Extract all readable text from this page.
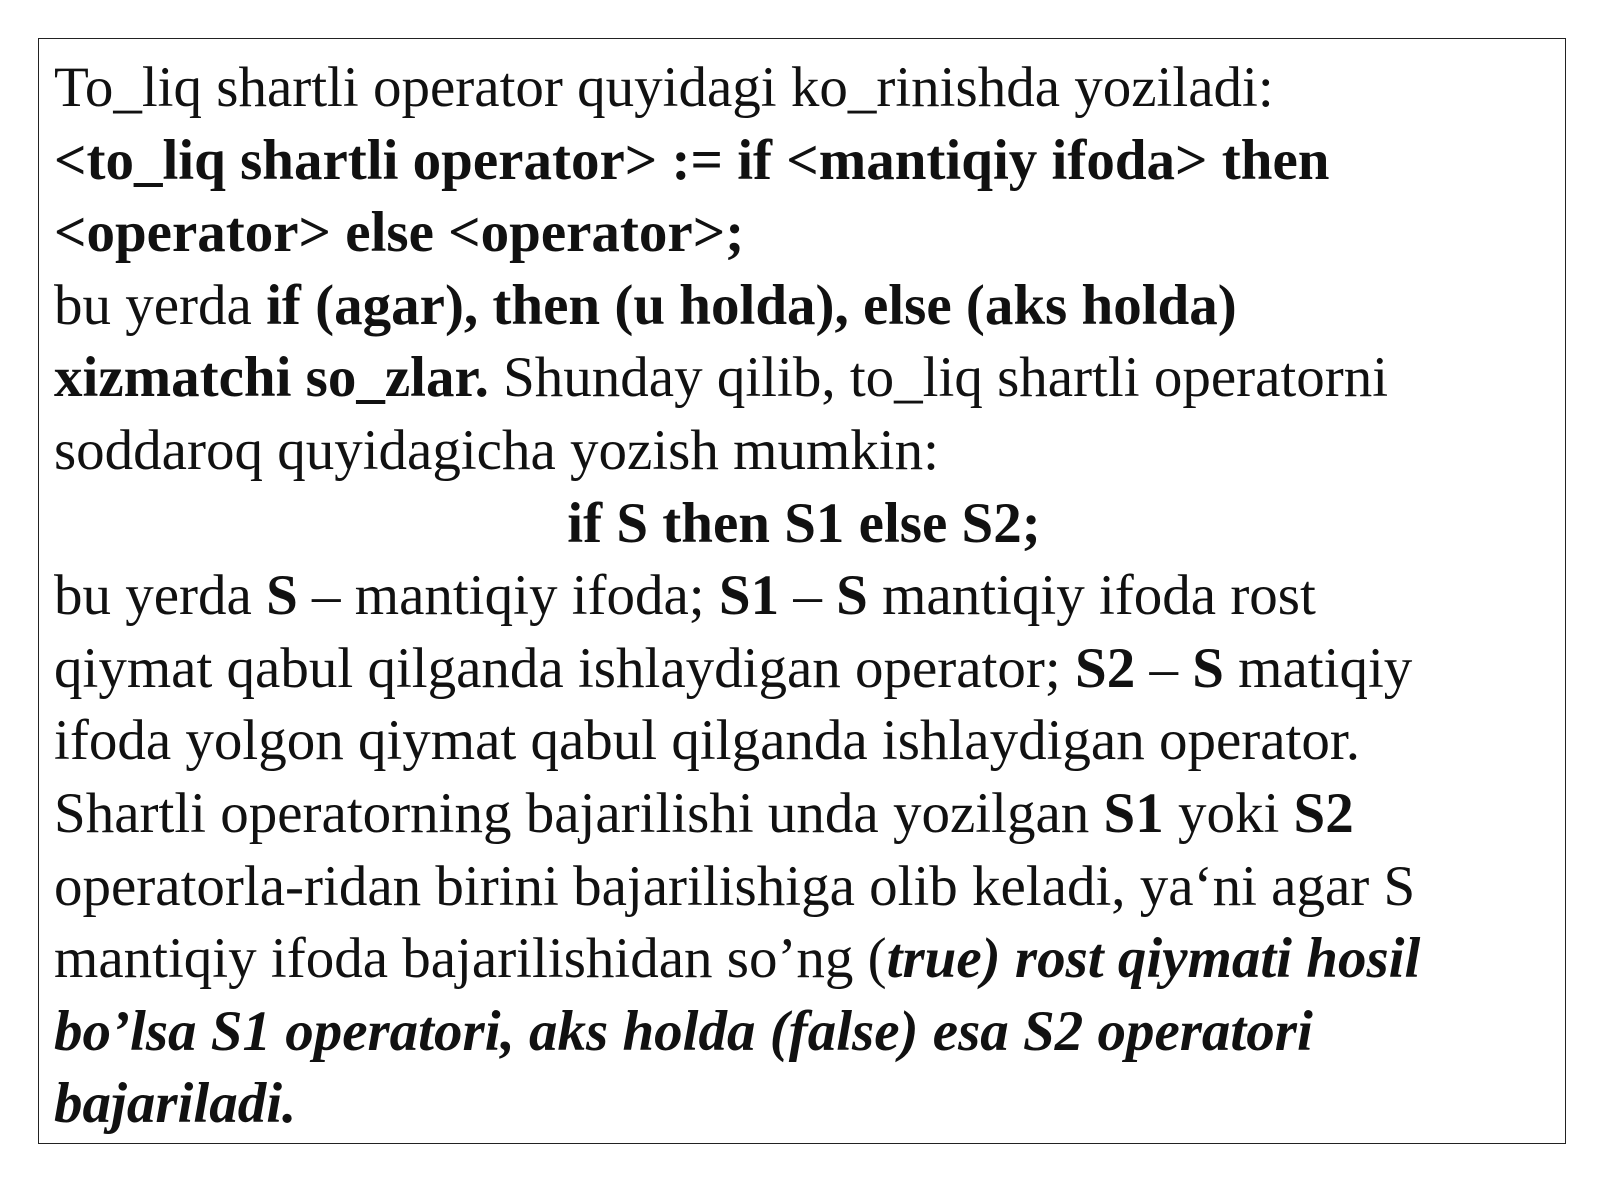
To_liq shartli operator quyidagi ko_rinishda yoziladi:
<to_liq shartli operator> := if <mantiqiy ifoda> then
<operator> else <operator>;
bu yerda if (agar), then (u holda), else (aks holda)
xizmatchi so_zlar. Shunday qilib, to_liq shartli operatorni
soddaroq quyidagicha yozish mumkin:
if S then S1 else S2;
bu yerda S – mantiqiy ifoda; S1 – S mantiqiy ifoda rost
qiymat qabul qilganda ishlaydigan operator; S2 – S matiqiy
ifoda yolgon qiymat qabul qilganda ishlaydigan operator.
Shartli operatorning bajarilishi unda yozilgan S1 yoki S2
operatorla-ridan birini bajarilishiga olib keladi, ya‘ni agar S
mantiqiy ifoda bajarilishidan so’ng (true) rost qiymati hosil
bo’lsa S1 operatori, aks holda (false) esa S2 operatori
bajariladi.
